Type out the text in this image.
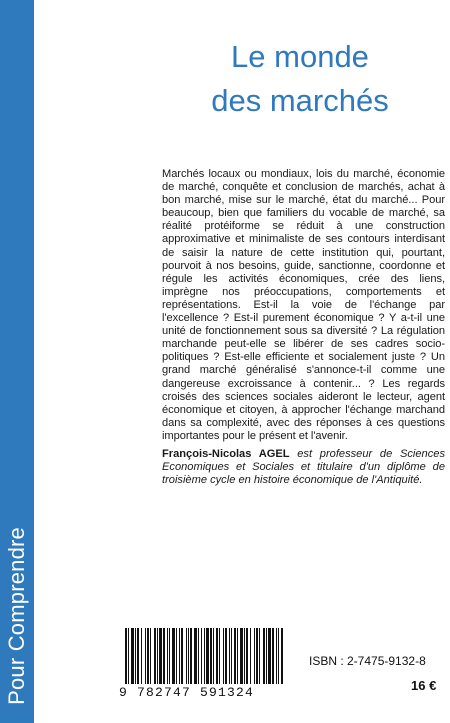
Pour Comprendre
Le monde
des marchés
Marchés locaux ou mondiaux, lois du marché, économie de marché, conquête et conclusion de marchés, achat à bon marché, mise sur le marché, état du marché... Pour beaucoup, bien que familiers du vocable de marché, sa réalité protéiforme se réduit à une construction approximative et minimaliste de ses contours interdisant de saisir la nature de cette institution qui, pourtant, pourvoit à nos besoins, guide, sanctionne, coordonne et régule les activités économiques, crée des liens, imprègne nos préoccupations, comportements et représentations. Est-il la voie de l'échange par l'excellence ? Est-il purement économique ? Y a-t-il une unité de fonctionnement sous sa diversité ? La régulation marchande peut-elle se libérer de ses cadres socio-politiques ? Est-elle efficiente et socialement juste ? Un grand marché généralisé s'annonce-t-il comme une dangereuse excroissance à contenir... ? Les regards croisés des sciences sociales aideront le lecteur, agent économique et citoyen, à approcher l'échange marchand dans sa complexité, avec des réponses à ces questions importantes pour le présent et l'avenir.
François-Nicolas AGEL est professeur de Sciences Economiques et Sociales et titulaire d'un diplôme de troisième cycle en histoire économique de l'Antiquité.
9 782747 591324
ISBN : 2-7475-9132-8
16 €
